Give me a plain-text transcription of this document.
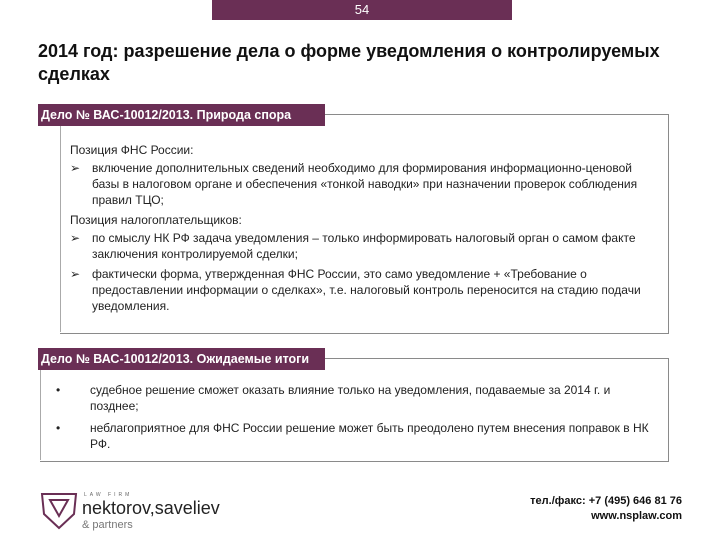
54
2014 год: разрешение дела о форме уведомления о контролируемых сделках
Дело № ВАС-10012/2013. Природа спора

Позиция ФНС России:

➢ включение дополнительных сведений необходимо для формирования информационно-ценовой базы в налоговом органе и обеспечения «тонкой наводки» при назначении проверок соблюдения правил ТЦО;

Позиция налогоплательщиков:

➢ по смыслу НК РФ задача уведомления – только информировать налоговый орган о самом факте заключения контролируемой сделки;
➢ фактически форма, утвержденная ФНС России, это само уведомление + «Требование о предоставлении информации о сделках», т.е. налоговый контроль переносится на стадию подачи уведомления.
Дело № ВАС-10012/2013. Ожидаемые итоги
• судебное решение сможет оказать влияние только на уведомления, подаваемые за 2014 г. и позднее;
• неблагоприятное для ФНС России решение может быть преодолено путем внесения поправок в НК РФ.
LAW FIRM
nektorov,saveliev
& partners
тел./факс: +7 (495) 646 81 76
www.nsplaw.com
